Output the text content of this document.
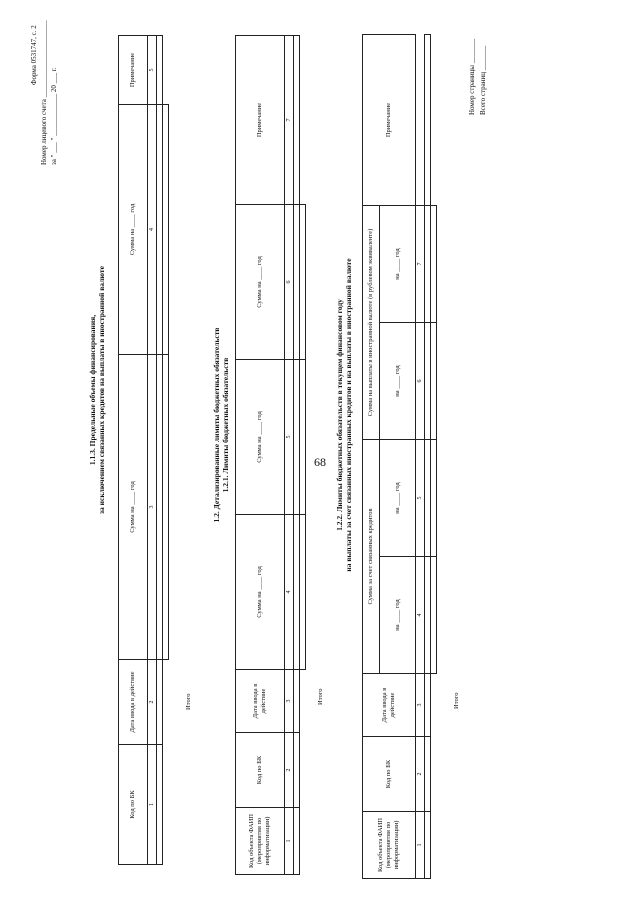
68
Форма 0531747, с. 2
Номер лицевого счета ______________________
за " ___ " ____________ 20 ___ г.
1.1.3. Предельные объемы финансирования, за исключением связанных кредитов на выплаты в иностранной валюте
Код по БК	Дата ввода в действие	Сумма на ____ год	Сумма на ____ год	Примечание
1	2	3	4	5

Итого
1.2. Детализированные лимиты бюджетных обязательств 1.2.1. Лимиты бюджетных обязательств
Код объекта ФАИП (мероприятия по информатизации)	Код по БК	Дата ввода в действие	Сумма на ____ год	Сумма на ____ год	Сумма на ____ год	Примечание
1	2	3	4	5	6	7

Итого
1.2.2. Лимиты бюджетных обязательств в текущем финансовом году на выплаты за счет связанных иностранных кредитов и на выплаты в иностранной валюте
Код объекта ФАИП (мероприятия по информатизации)	Код по БК	Дата ввода в действие	Сумма за счет связанных кредитов		Сумма на выплаты в иностранной валюте (в рублевом эквиваленте)		Примечание
			на ____ год	на ____ год	на ____ год	на ____ год	
1	2	3	4	5	6	7	

Итого
Номер страницы _______
Всего страниц _______
